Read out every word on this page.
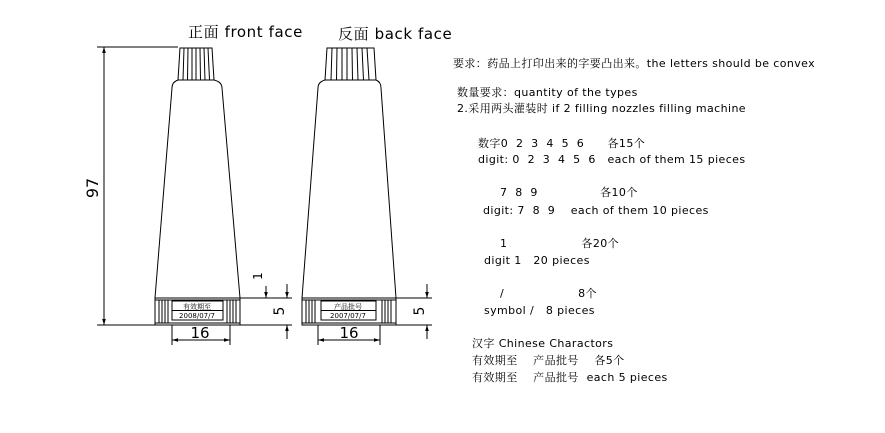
有效期至
2008/07/7
产品批号
2007/07/7
97
16	16
5
1
5
正面 front face 反面 back face
要求：药品上打印出来的字要凸出来。the letters should be convex
数量要求：quantity of the types
2.采用两头灌装时 if 2 filling nozzles filling machine
数字0  2  3  4  5  6      各15个
digit: 0  2  3  4  5  6   each of them 15 pieces
7  8  9                各10个
digit: 7  8  9    each of them 10 pieces
1                   各20个
digit 1   20 pieces
/                   8个
symbol /   8 pieces
汉字 Chinese Charactors
有效期至    产品批号    各5个
有效期至    产品批号  each 5 pieces
